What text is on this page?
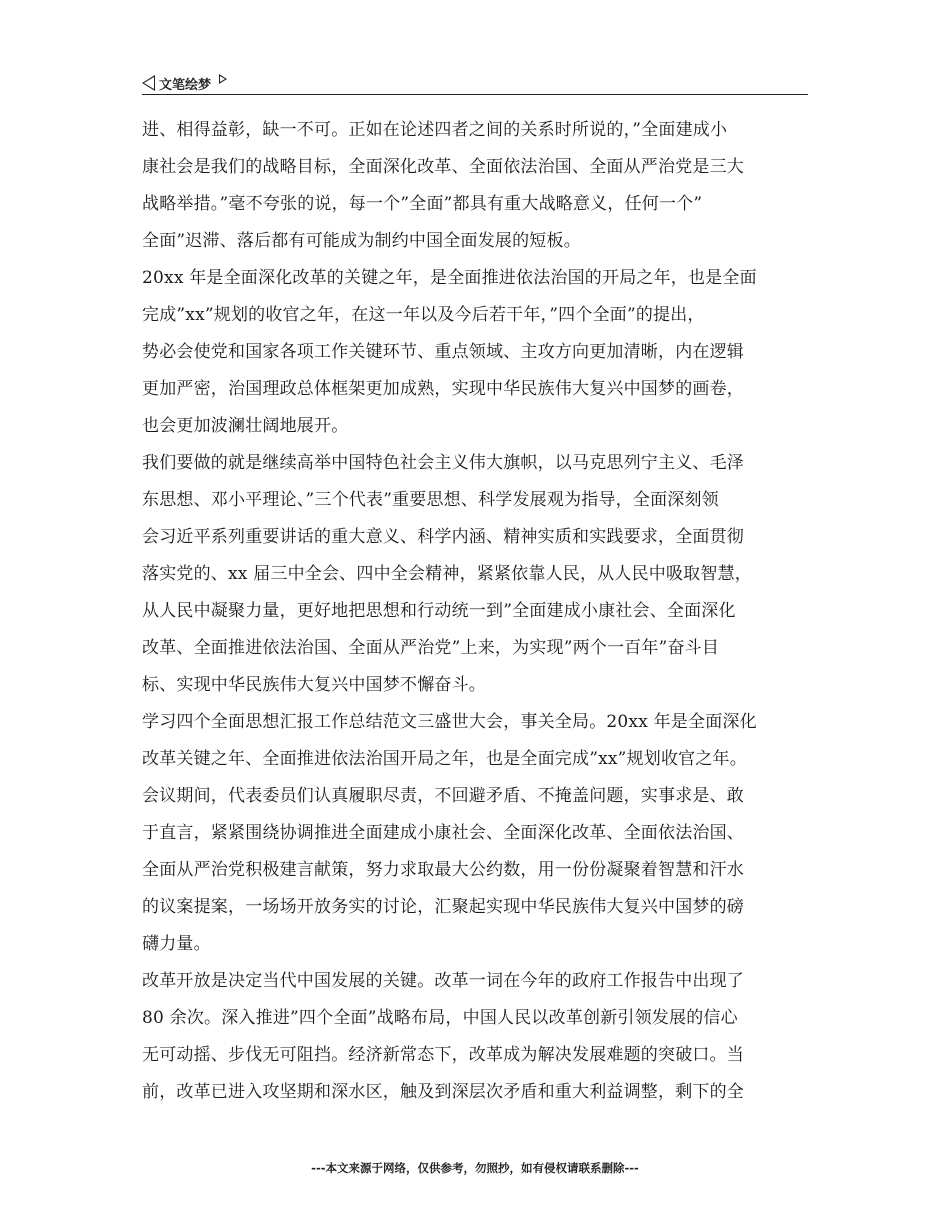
文笔绘梦
进、相得益彰，缺一不可。正如在论述四者之间的关系时所说的，”全面建成小
康社会是我们的战略目标，全面深化改革、全面依法治国、全面从严治党是三大
战略举措。”毫不夸张的说，每一个”全面”都具有重大战略意义，任何一个”
全面”迟滞、落后都有可能成为制约中国全面发展的短板。
20xx 年是全面深化改革的关键之年，是全面推进依法治国的开局之年，也是全面
完成”xx”规划的收官之年，在这一年以及今后若干年，”四个全面”的提出，
势必会使党和国家各项工作关键环节、重点领域、主攻方向更加清晰，内在逻辑
更加严密，治国理政总体框架更加成熟，实现中华民族伟大复兴中国梦的画卷，
也会更加波澜壮阔地展开。
我们要做的就是继续高举中国特色社会主义伟大旗帜，以马克思列宁主义、毛泽
东思想、邓小平理论、”三个代表”重要思想、科学发展观为指导，全面深刻领
会习近平系列重要讲话的重大意义、科学内涵、精神实质和实践要求，全面贯彻
落实党的、xx 届三中全会、四中全会精神，紧紧依靠人民，从人民中吸取智慧，
从人民中凝聚力量，更好地把思想和行动统一到”全面建成小康社会、全面深化
改革、全面推进依法治国、全面从严治党”上来，为实现”两个一百年”奋斗目
标、实现中华民族伟大复兴中国梦不懈奋斗。
学习四个全面思想汇报工作总结范文三盛世大会，事关全局。20xx 年是全面深化
改革关键之年、全面推进依法治国开局之年，也是全面完成”xx”规划收官之年。
会议期间，代表委员们认真履职尽责，不回避矛盾、不掩盖问题，实事求是、敢
于直言，紧紧围绕协调推进全面建成小康社会、全面深化改革、全面依法治国、
全面从严治党积极建言献策，努力求取最大公约数，用一份份凝聚着智慧和汗水
的议案提案，一场场开放务实的讨论，汇聚起实现中华民族伟大复兴中国梦的磅
礴力量。
改革开放是决定当代中国发展的关键。改革一词在今年的政府工作报告中出现了
80 余次。深入推进”四个全面”战略布局，中国人民以改革创新引领发展的信心
无可动摇、步伐无可阻挡。经济新常态下，改革成为解决发展难题的突破口。当
前，改革已进入攻坚期和深水区，触及到深层次矛盾和重大利益调整，剩下的全
---本文来源于网络，仅供参考，勿照抄，如有侵权请联系删除---
